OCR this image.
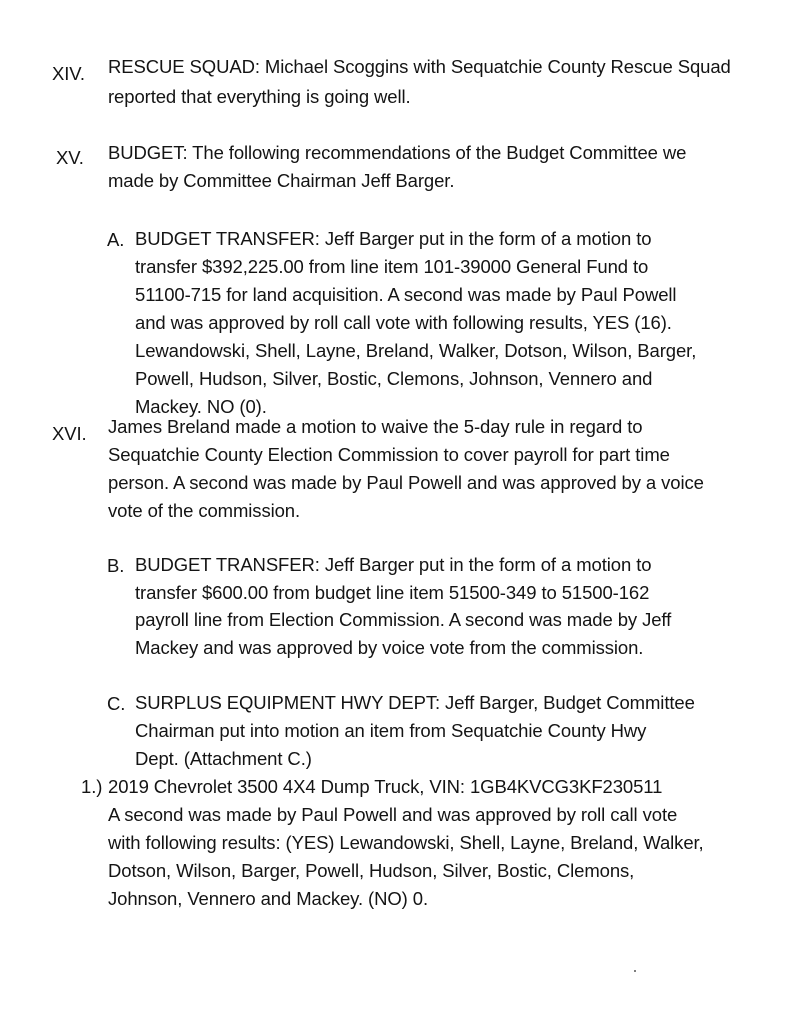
XIV. RESCUE SQUAD: Michael Scoggins with Sequatchie County Rescue Squad
reported that everything is going well.
XV. BUDGET: The following recommendations of the Budget Committee we
made by Committee Chairman Jeff Barger.
A. BUDGET TRANSFER: Jeff Barger put in the form of a motion to
transfer $392,225.00 from line item 101-39000 General Fund to
51100-715 for land acquisition. A second was made by Paul Powell
and was approved by roll call vote with following results, YES (16).
Lewandowski, Shell, Layne, Breland, Walker, Dotson, Wilson, Barger,
Powell, Hudson, Silver, Bostic, Clemons, Johnson, Vennero and
Mackey. NO (0).
XVI. James Breland made a motion to waive the 5-day rule in regard to
Sequatchie County Election Commission to cover payroll for part time
person. A second was made by Paul Powell and was approved by a voice
vote of the commission.
B. BUDGET TRANSFER: Jeff Barger put in the form of a motion to
transfer $600.00 from budget line item 51500-349 to 51500-162
payroll line from Election Commission. A second was made by Jeff
Mackey and was approved by voice vote from the commission.
C. SURPLUS EQUIPMENT HWY DEPT: Jeff Barger, Budget Committee
Chairman put into motion an item from Sequatchie County Hwy
Dept. (Attachment C.)
1.) 2019 Chevrolet 3500 4X4 Dump Truck, VIN: 1GB4KVCG3KF230511
A second was made by Paul Powell and was approved by roll call vote
with following results: (YES) Lewandowski, Shell, Layne, Breland, Walker,
Dotson, Wilson, Barger, Powell, Hudson, Silver, Bostic, Clemons,
Johnson, Vennero and Mackey. (NO) 0.
